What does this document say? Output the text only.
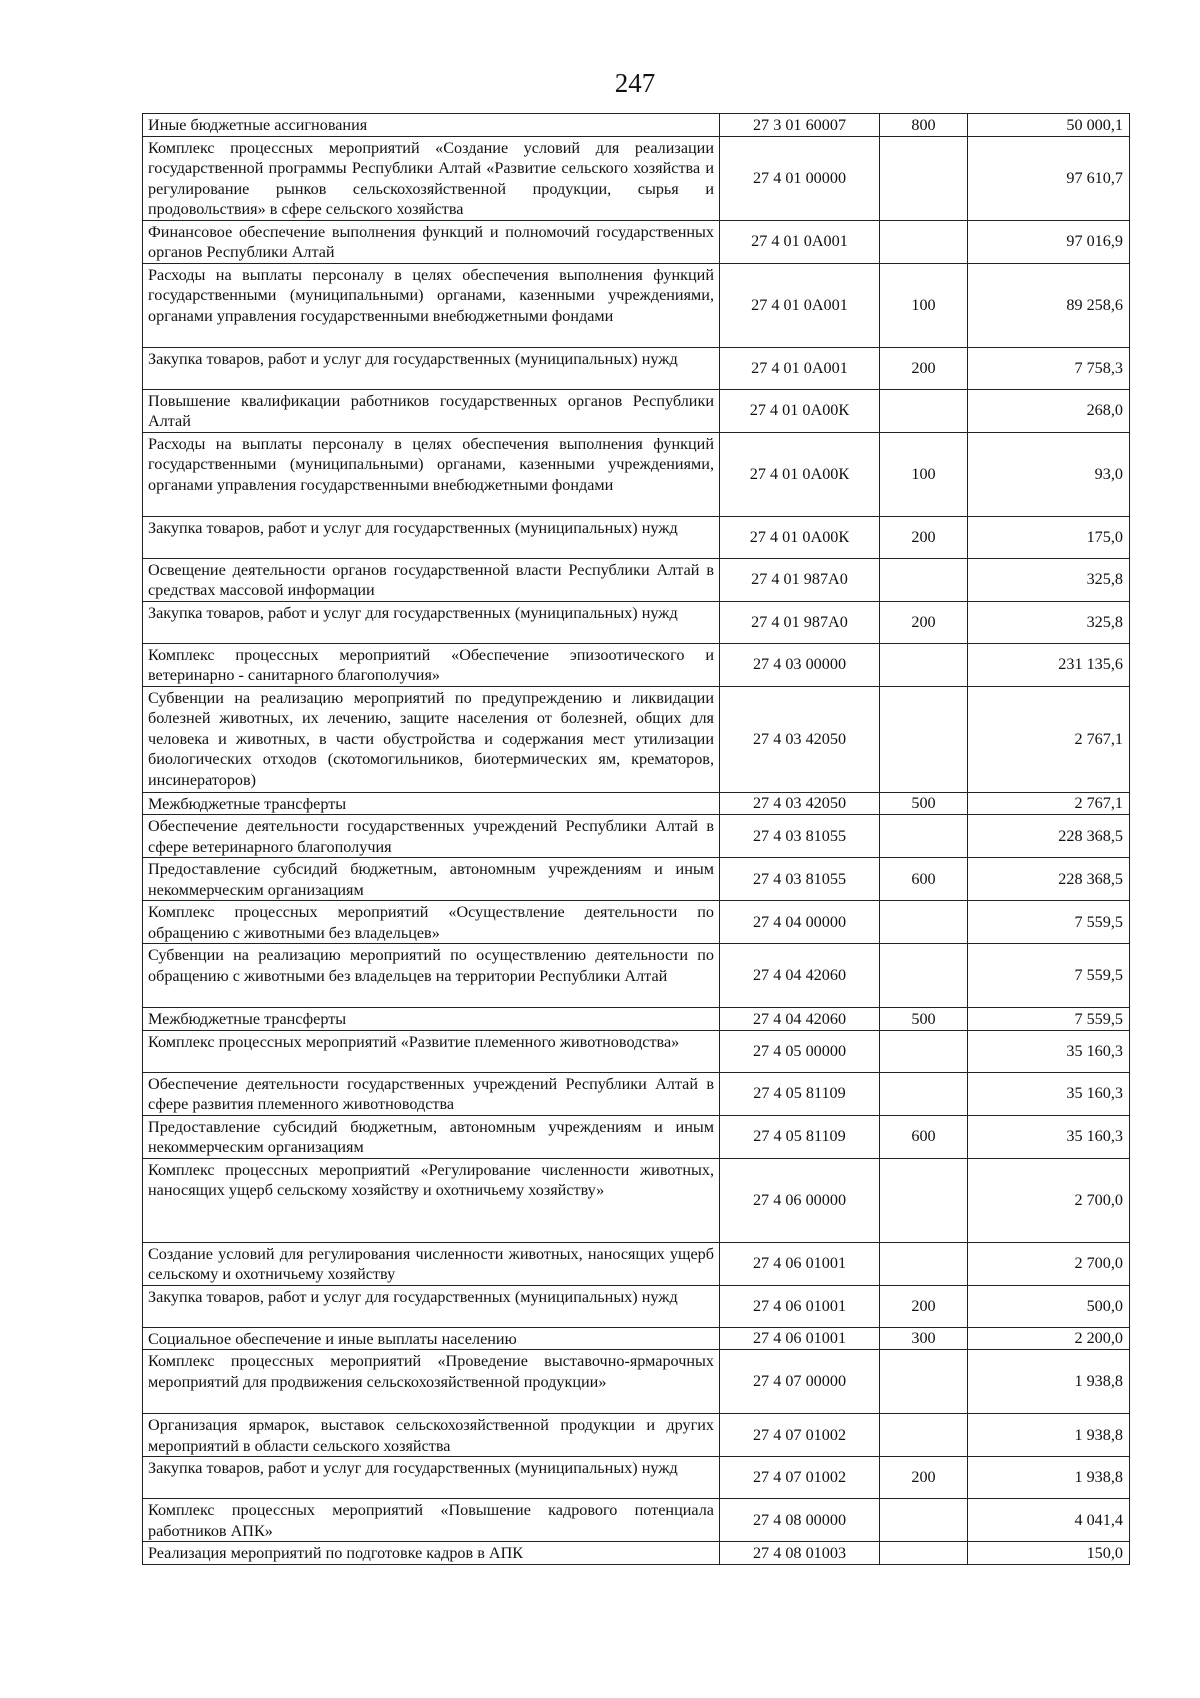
247
Иные бюджетные ассигнования	27 3 01 60007	800	50 000,1
Комплекс процессных мероприятий «Создание условий для реализации государственной программы Республики Алтай «Развитие сельского хозяйства и регулирование рынков сельскохозяйственной продукции, сырья и продовольствия» в сфере сельского хозяйства	27 4 01 00000		97 610,7
Финансовое обеспечение выполнения функций и полномочий государственных органов Республики Алтай	27 4 01 0А001		97 016,9
Расходы на выплаты персоналу в целях обеспечения выполнения функций государственными (муниципальными) органами, казенными учреждениями, органами управления государственными внебюджетными фондами	27 4 01 0А001	100	89 258,6
Закупка товаров, работ и услуг для государственных (муниципальных) нужд	27 4 01 0А001	200	7 758,3
Повышение квалификации работников государственных органов Республики Алтай	27 4 01 0А00К		268,0
Расходы на выплаты персоналу в целях обеспечения выполнения функций государственными (муниципальными) органами, казенными учреждениями, органами управления государственными внебюджетными фондами	27 4 01 0А00К	100	93,0
Закупка товаров, работ и услуг для государственных (муниципальных) нужд	27 4 01 0А00К	200	175,0
Освещение деятельности органов государственной власти Республики Алтай в средствах массовой информации	27 4 01 987А0		325,8
Закупка товаров, работ и услуг для государственных (муниципальных) нужд	27 4 01 987А0	200	325,8
Комплекс процессных мероприятий «Обеспечение эпизоотического и ветеринарно - санитарного благополучия»	27 4 03 00000		231 135,6
Субвенции на реализацию мероприятий по предупреждению и ликвидации болезней животных, их лечению, защите населения от болезней, общих для человека и животных, в части обустройства и содержания мест утилизации биологических отходов (скотомогильников, биотермических ям, крематоров, инсинераторов)	27 4 03 42050		2 767,1
Межбюджетные трансферты	27 4 03 42050	500	2 767,1
Обеспечение деятельности государственных учреждений Республики Алтай в сфере ветеринарного благополучия	27 4 03 81055		228 368,5
Предоставление субсидий бюджетным, автономным учреждениям и иным некоммерческим организациям	27 4 03 81055	600	228 368,5
Комплекс процессных мероприятий «Осуществление деятельности по обращению с животными без владельцев»	27 4 04 00000		7 559,5
Субвенции на реализацию мероприятий по осуществлению деятельности по обращению с животными без владельцев на территории Республики Алтай	27 4 04 42060		7 559,5
Межбюджетные трансферты	27 4 04 42060	500	7 559,5
Комплекс процессных мероприятий «Развитие племенного животноводства»	27 4 05 00000		35 160,3
Обеспечение деятельности государственных учреждений Республики Алтай в сфере развития племенного животноводства	27 4 05 81109		35 160,3
Предоставление субсидий бюджетным, автономным учреждениям и иным некоммерческим организациям	27 4 05 81109	600	35 160,3
Комплекс процессных мероприятий «Регулирование численности животных, наносящих ущерб сельскому хозяйству и охотничьему хозяйству»	27 4 06 00000		2 700,0
Создание условий для регулирования численности животных, наносящих ущерб сельскому и охотничьему хозяйству	27 4 06 01001		2 700,0
Закупка товаров, работ и услуг для государственных (муниципальных) нужд	27 4 06 01001	200	500,0
Социальное обеспечение и иные выплаты населению	27 4 06 01001	300	2 200,0
Комплекс процессных мероприятий «Проведение выставочно-ярмарочных мероприятий для продвижения сельскохозяйственной продукции»	27 4 07 00000		1 938,8
Организация ярмарок, выставок сельскохозяйственной продукции и других мероприятий в области сельского хозяйства	27 4 07 01002		1 938,8
Закупка товаров, работ и услуг для государственных (муниципальных) нужд	27 4 07 01002	200	1 938,8
Комплекс процессных мероприятий «Повышение кадрового потенциала работников АПК»	27 4 08 00000		4 041,4
Реализация мероприятий по подготовке кадров в АПК	27 4 08 01003		150,0
